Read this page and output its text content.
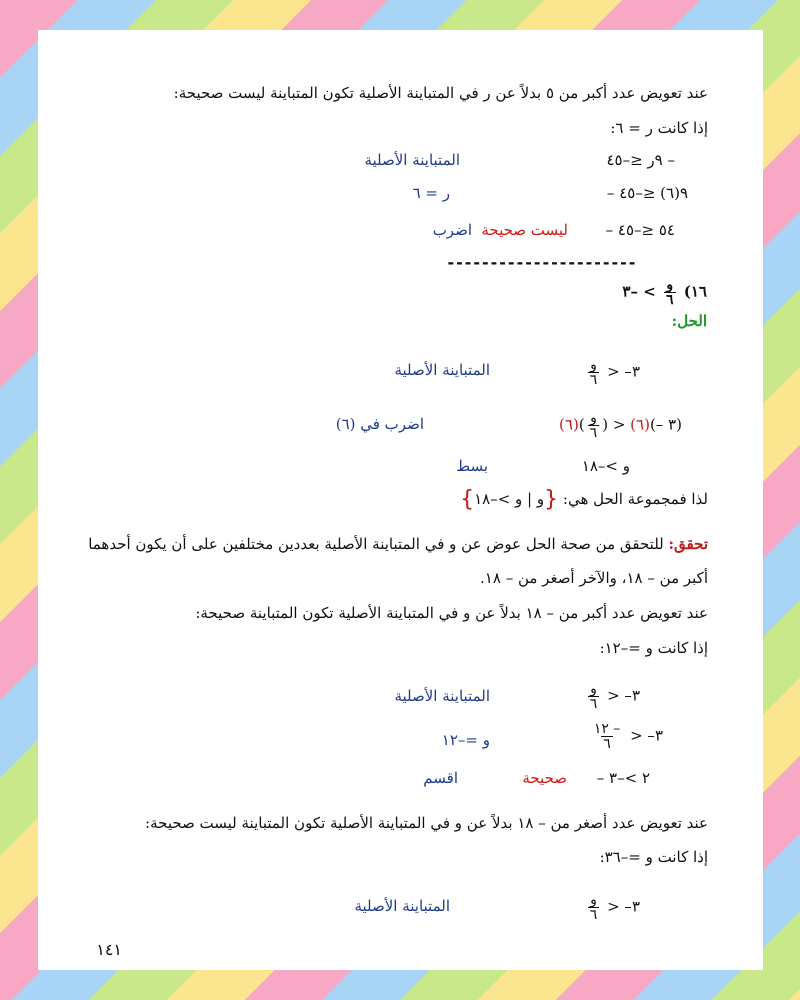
عند تعويض عدد أكبر من ٥ بدلاً عن ر في المتباينة الأصلية تكون المتباينة ليست صحيحة:
إذا كانت ر = ٦:
– ٩ر ≤–٤٥
المتباينة الأصلية
– ٩(٦) ≤–٤٥
ر = ٦
– ٥٤ ≤–٤٥
ليست صحيحة
اضرب
----------------------
١٦)
$\frac{\text{و}}{٦}$
> –٣
الحل:
$\frac{\text{و}}{٦}$ > –٣
المتباينة الأصلية
(٦)( $\frac{\text{و}}{٦}$ ) > (٦)(– ٣)
اضرب في (٦)
و >–١٨
بسط
لذا فمجموعة الحل هي: {و | و >–١٨}
تحقق: للتحقق من صحة الحل عوض عن و في المتباينة الأصلية بعددين مختلفين على أن يكون أحدهما
أكبر من – ١٨، والآخر أصغر من – ١٨.
عند تعويض عدد أكبر من – ١٨ بدلاً عن و في المتباينة الأصلية تكون المتباينة صحيحة:
إذا كانت و =–١٢:
$\frac{\text{و}}{٦}$ > –٣
المتباينة الأصلية
$\frac{- ١٢}{٦}$ > –٣
و =–١٢
– ٢ >–٣
صحيحة
اقسم
عند تعويض عدد أصغر من – ١٨ بدلاً عن و في المتباينة الأصلية تكون المتباينة ليست صحيحة:
إذا كانت و =–٣٦:
$\frac{\text{و}}{٦}$ > –٣
المتباينة الأصلية
١٤١
